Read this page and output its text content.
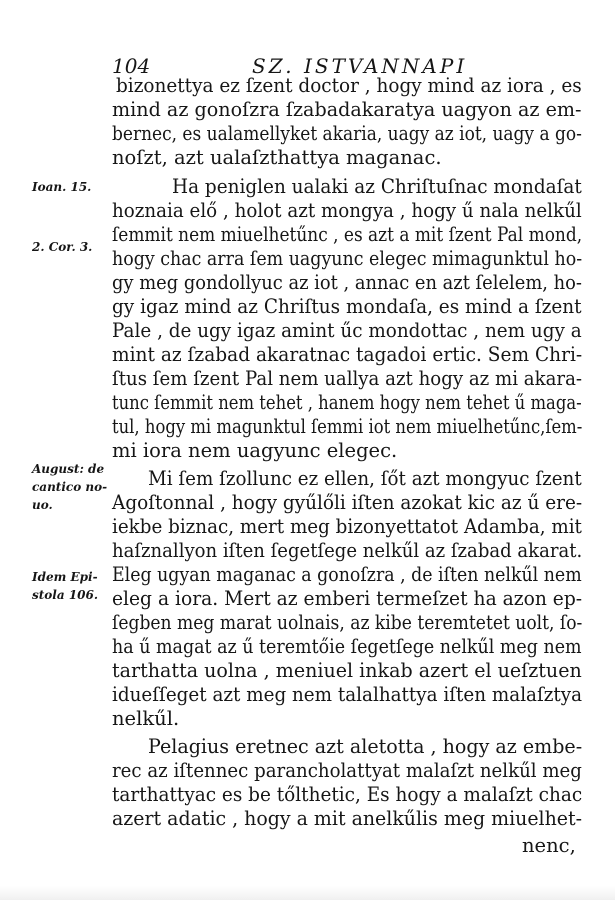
104	SZ. ISTVANNAPI
bizonettya ez ſzent doctor , hogy mind az iora , es
mind az gonoſzra ſzabadakaratya uagyon az em-
bernec, es ualamellyket akaria, uagy az iot, uagy a go-
noſzt, azt ualaſzthattya maganac.
Ha peniglen ualaki az Chriſtuſnac mondaſat
hoznaia elő , holot azt mongya , hogy ű nala nelkűl
ſemmit nem miuelhetűnc , es azt a mit ſzent Pal mond,
hogy chac arra ſem uagyunc elegec mimagunktul ho-
gy meg gondollyuc az iot , annac en azt ſelelem, ho-
gy igaz mind az Chriſtus mondaſa, es mind a ſzent
Pale , de ugy igaz amint űc mondottac , nem ugy a
mint az ſzabad akaratnac tagadoi ertic. Sem Chri-
ſtus ſem ſzent Pal nem uallya azt hogy az mi akara-
tunc ſemmit nem tehet , hanem hogy nem tehet ű maga-
tul, hogy mi magunktul ſemmi iot nem miuelhetűnc,ſem-
mi iora nem uagyunc elegec.
Mi ſem ſzollunc ez ellen, ſőt azt mongyuc ſzent
Agoſtonnal , hogy gyűlőli iſten azokat kic az ű ere-
iekbe biznac, mert meg bizonyettatot Adamba, mit
haſznallyon iſten ſegetſege nelkűl az ſzabad akarat.
Eleg ugyan maganac a gonoſzra , de iſten nelkűl nem
eleg a iora. Mert az emberi termeſzet ha azon ep-
ſegben meg marat uolnais, az kibe teremtetet uolt, ſo-
ha ű magat az ű teremtőie ſegetſege nelkűl meg nem
tarthatta uolna , meniuel inkab azert el ueſztuen
idueſſeget azt meg nem talalhattya iſten malaſztya
nelkűl.
Pelagius eretnec azt aletotta , hogy az embe-
rec az iſtennec parancholattyat malaſzt nelkűl meg
tarthattyac es be tőlthetic, Es hogy a malaſzt chac
azert adatic , hogy a mit anelkűlis meg miuelhet-
nenc,
Ioan. 15.
2. Cor. 3.
August: de
cantico no-
uo.
Idem Epi-
stola 106.
